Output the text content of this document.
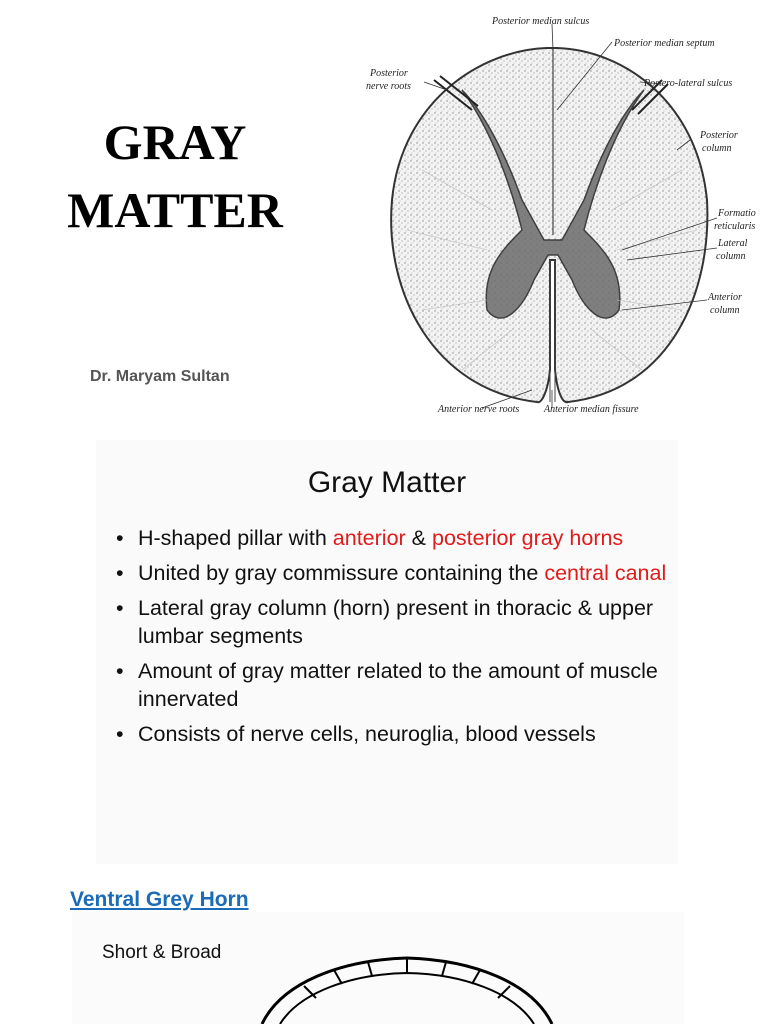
GRAY
MATTER
Dr. Maryam Sultan
Posterior median sulcus
Posterior median septum
Posterior
nerve roots	Postero-lateral sulcus
Posterior
column
Formatio
reticularis
Lateral
column
Anterior
column
Anterior nerve roots Anterior median fissure
Gray Matter
• H-shaped pillar with anterior & posterior gray horns
• United by gray commissure containing the central canal
• Lateral gray column (horn) present in thoracic & upper lumbar segments
• Amount of gray matter related to the amount of muscle innervated
• Consists of nerve cells, neuroglia, blood vessels
Ventral Grey Horn
Short & Broad
